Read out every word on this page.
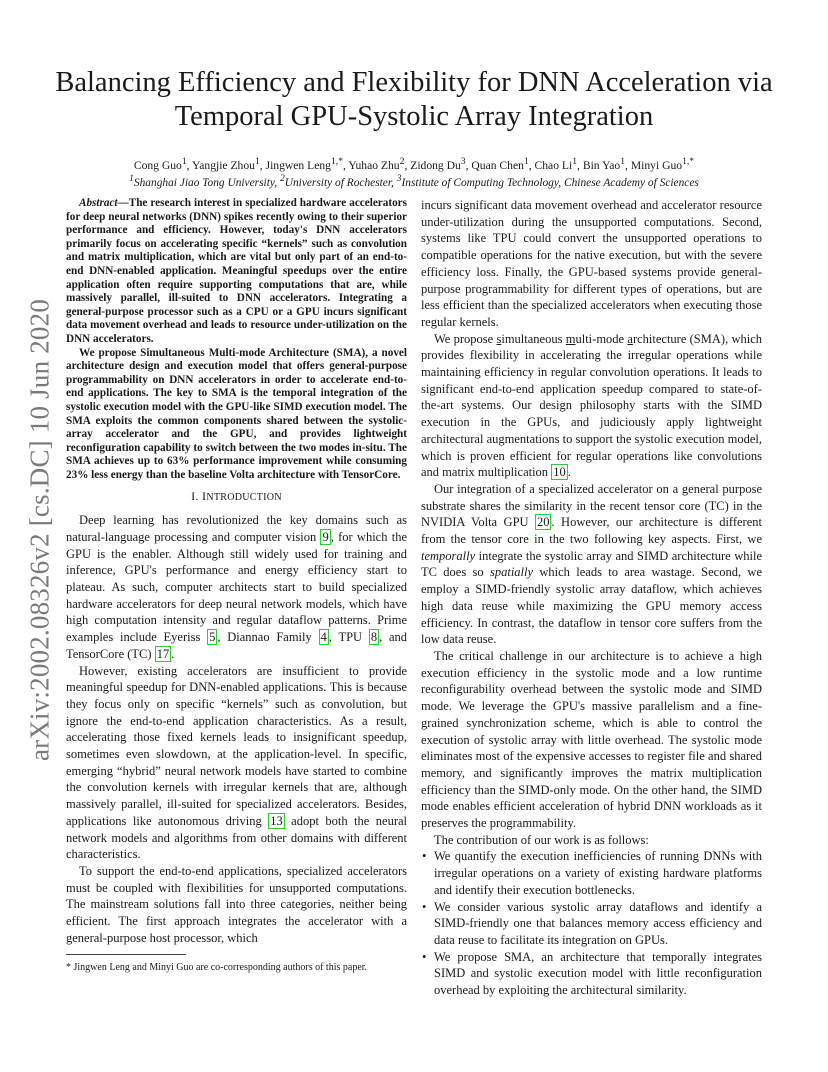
Balancing Efficiency and Flexibility for DNN Acceleration via
Temporal GPU-Systolic Array Integration
Cong Guo$^1$, Yangjie Zhou$^1$, Jingwen Leng$^{1,*}$, Yuhao Zhu$^2$, Zidong Du$^3$, Quan Chen$^1$, Chao Li$^1$, Bin Yao$^1$, Minyi Guo$^{1,*}$
$^1$Shanghai Jiao Tong University, $^2$University of Rochester, $^3$Institute of Computing Technology, Chinese Academy of Sciences
arXiv:2002.08326v2 [cs.DC] 10 Jun 2020

Abstract—The research interest in specialized hardware accelerators for deep neural networks (DNN) spikes recently owing to their superior performance and efficiency. However, today's DNN accelerators primarily focus on accelerating specific “kernels” such as convolution and matrix multiplication, which are vital but only part of an end-to-end DNN-enabled application. Meaningful speedups over the entire application often require supporting computations that are, while massively parallel, ill-suited to DNN accelerators. Integrating a general-purpose processor such as a CPU or a GPU incurs significant data movement overhead and leads to resource under-utilization on the DNN accelerators.

We propose Simultaneous Multi-mode Architecture (SMA), a novel architecture design and execution model that offers general-purpose programmability on DNN accelerators in order to accelerate end-to-end applications. The key to SMA is the temporal integration of the systolic execution model with the GPU-like SIMD execution model. The SMA exploits the common components shared between the systolic-array accelerator and the GPU, and provides lightweight reconfiguration capability to switch between the two modes in-situ. The SMA achieves up to 63% performance improvement while consuming 23% less energy than the baseline Volta architecture with TensorCore.

I. INTRODUCTION

Deep learning has revolutionized the key domains such as natural-language processing and computer vision 9 , for which the GPU is the enabler. Although still widely used for training and inference, GPU's performance and energy efficiency start to plateau. As such, computer architects start to build specialized hardware accelerators for deep neural network models, which have high computation intensity and regular dataflow patterns. Prime examples include Eyeriss 5 , Diannao Family 4 , TPU 8 , and TensorCore (TC) 17 .

However, existing accelerators are insufficient to provide meaningful speedup for DNN-enabled applications. This is because they focus only on specific “kernels” such as convolution, but ignore the end-to-end application characteristics. As a result, accelerating those fixed kernels leads to insignificant speedup, sometimes even slowdown, at the application-level. In specific, emerging “hybrid” neural network models have started to combine the convolution kernels with irregular kernels that are, although massively parallel, ill-suited for specialized accelerators. Besides, applications like autonomous driving 13 adopt both the neural network models and algorithms from other domains with different characteristics.

To support the end-to-end applications, specialized accelerators must be coupled with flexibilities for unsupported computations. The mainstream solutions fall into three categories, neither being efficient. The first approach integrates the accelerator with a general-purpose host processor, which

* Jingwen Leng and Minyi Guo are co-corresponding authors of this paper.

incurs significant data movement overhead and accelerator resource under-utilization during the unsupported computations. Second, systems like TPU could convert the unsupported operations to compatible operations for the native execution, but with the severe efficiency loss. Finally, the GPU-based systems provide general-purpose programmability for different types of operations, but are less efficient than the specialized accelerators when executing those regular kernels.

We propose simultaneous multi-mode architecture (SMA), which provides flexibility in accelerating the irregular operations while maintaining efficiency in regular convolution operations. It leads to significant end-to-end application speedup compared to state-of-the-art systems. Our design philosophy starts with the SIMD execution in the GPUs, and judiciously apply lightweight architectural augmentations to support the systolic execution model, which is proven efficient for regular operations like convolutions and matrix multiplication 10 .

Our integration of a specialized accelerator on a general purpose substrate shares the similarity in the recent tensor core (TC) in the NVIDIA Volta GPU 20 . However, our architecture is different from the tensor core in the two following key aspects. First, we temporally integrate the systolic array and SIMD architecture while TC does so spatially which leads to area wastage. Second, we employ a SIMD-friendly systolic array dataflow, which achieves high data reuse while maximizing the GPU memory access efficiency. In contrast, the dataflow in tensor core suffers from the low data reuse.

The critical challenge in our architecture is to achieve a high execution efficiency in the systolic mode and a low runtime reconfigurability overhead between the systolic mode and SIMD mode. We leverage the GPU's massive parallelism and a fine-grained synchronization scheme, which is able to control the execution of systolic array with little overhead. The systolic mode eliminates most of the expensive accesses to register file and shared memory, and significantly improves the matrix multiplication efficiency than the SIMD-only mode. On the other hand, the SIMD mode enables efficient acceleration of hybrid DNN workloads as it preserves the programmability.

The contribution of our work is as follows:

• We quantify the execution inefficiencies of running DNNs with irregular operations on a variety of existing hardware platforms and identify their execution bottlenecks.
• We consider various systolic array dataflows and identify a SIMD-friendly one that balances memory access efficiency and data reuse to facilitate its integration on GPUs.
• We propose SMA, an architecture that temporally integrates SIMD and systolic execution model with little reconfiguration overhead by exploiting the architectural similarity.
